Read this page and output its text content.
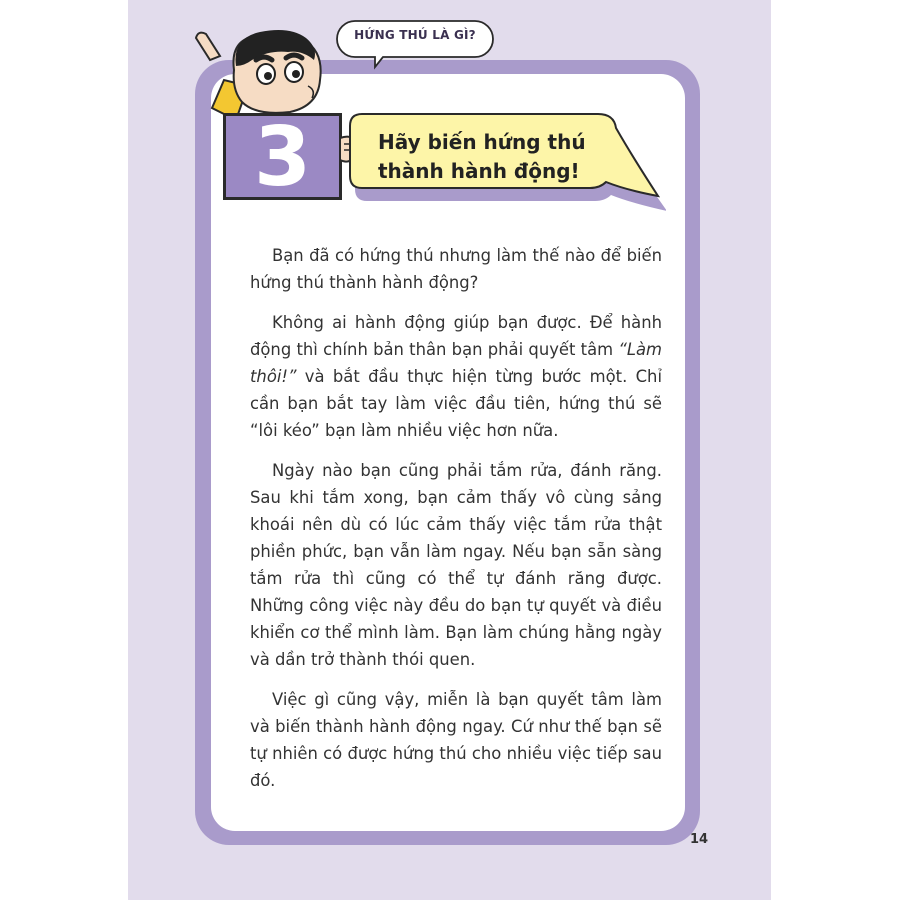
HỨNG THÚ LÀ GÌ?
3	Hãy biến hứng thú
thành hành động!

Bạn đã có hứng thú nhưng làm thế nào để biến hứng thú thành hành động?

Không ai hành động giúp bạn được. Để hành động thì chính bản thân bạn phải quyết tâm “Làm thôi!” và bắt đầu thực hiện từng bước một. Chỉ cần bạn bắt tay làm việc đầu tiên, hứng thú sẽ “lôi kéo” bạn làm nhiều việc hơn nữa.

Ngày nào bạn cũng phải tắm rửa, đánh răng. Sau khi tắm xong, bạn cảm thấy vô cùng sảng khoái nên dù có lúc cảm thấy việc tắm rửa thật phiền phức, bạn vẫn làm ngay. Nếu bạn sẵn sàng tắm rửa thì cũng có thể tự đánh răng được. Những công việc này đều do bạn tự quyết và điều khiển cơ thể mình làm. Bạn làm chúng hằng ngày và dần trở thành thói quen.

Việc gì cũng vậy, miễn là bạn quyết tâm làm và biến thành hành động ngay. Cứ như thế bạn sẽ tự nhiên có được hứng thú cho nhiều việc tiếp sau đó.

14
